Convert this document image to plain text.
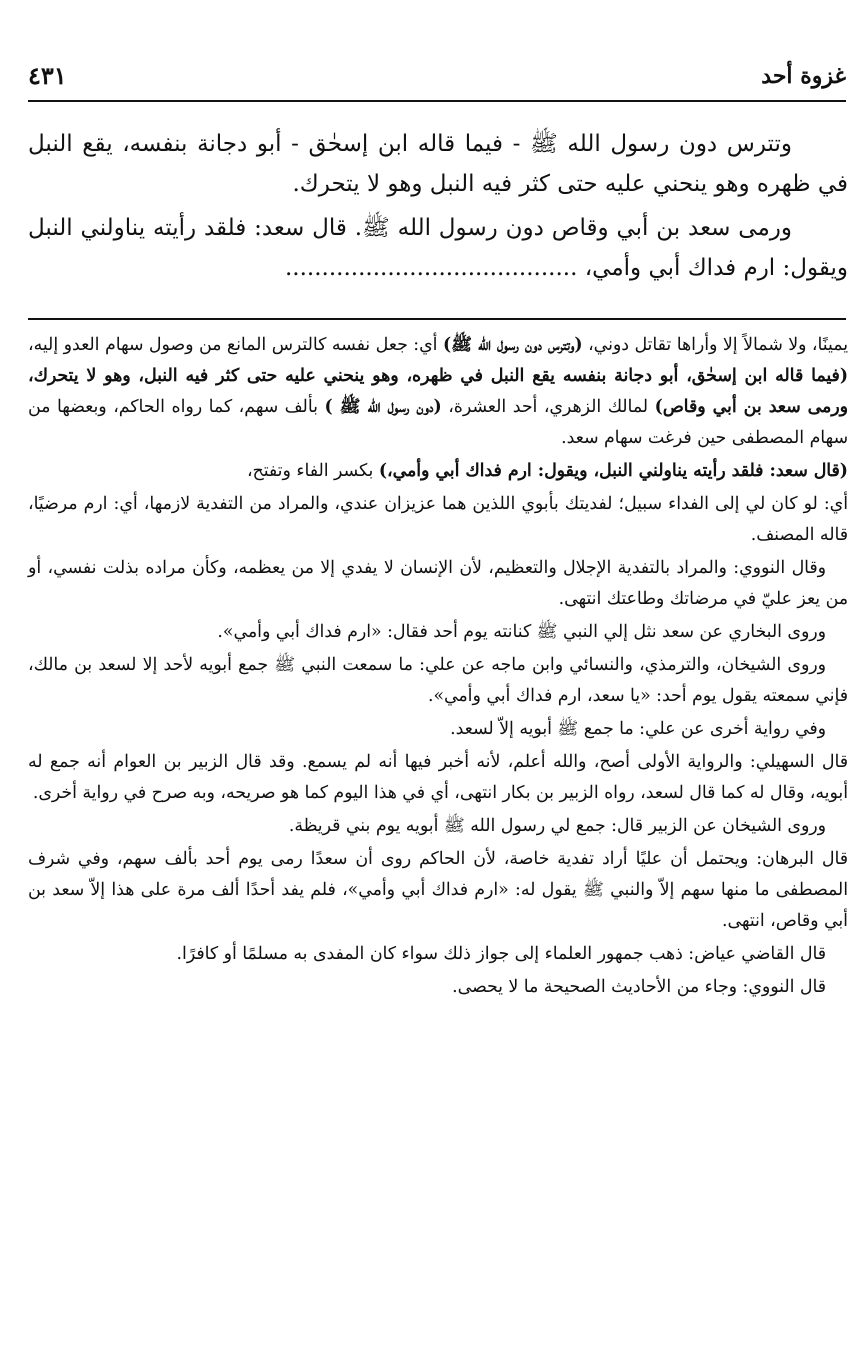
غزوة أحد
٤٣١

وتترس دون رسول الله ﷺ - فيما قاله ابن إسحٰق - أبو دجانة بنفسه، يقع النبل في ظهره وهو ينحني عليه حتى كثر فيه النبل وهو لا يتحرك.

ورمى سعد بن أبي وقاص دون رسول الله ﷺ. قال سعد: فلقد رأيته يناولني النبل ويقول: ارم فداك أبي وأمي، ........................................

يمينًا، ولا شمالاً إلا وأراها تقاتل دوني، (وتترس دون رسول الله ﷺ) أي: جعل نفسه كالترس المانع من وصول سهام العدو إليه، (فيما قاله ابن إسحٰق، أبو دجانة بنفسه يقع النبل في ظهره، وهو ينحني عليه حتى كثر فيه النبل، وهو لا يتحرك، ورمى سعد بن أبي وقاص) لمالك الزهري، أحد العشرة، (دون رسول الله ﷺ ) بألف سهم، كما رواه الحاكم، وبعضها من سهام المصطفى حين فرغت سهام سعد.

(قال سعد: فلقد رأيته يناولني النبل، ويقول: ارم فداك أبي وأمي،) بكسر الفاء وتفتح،

أي: لو كان لي إلى الفداء سبيل؛ لفديتك بأبوي اللذين هما عزيزان عندي، والمراد من التفدية لازمها، أي: ارم مرضيًا، قاله المصنف.

وقال النووي: والمراد بالتفدية الإجلال والتعظيم، لأن الإنسان لا يفدي إلا من يعظمه، وكأن مراده بذلت نفسي، أو من يعز عليّ في مرضاتك وطاعتك انتهى.

وروى البخاري عن سعد نثل إلي النبي ﷺ كنانته يوم أحد فقال: «ارم فداك أبي وأمي».

وروى الشيخان، والترمذي، والنسائي وابن ماجه عن علي: ما سمعت النبي ﷺ جمع أبويه لأحد إلا لسعد بن مالك، فإني سمعته يقول يوم أحد: «يا سعد، ارم فداك أبي وأمي».

وفي رواية أخرى عن علي: ما جمع ﷺ أبويه إلاّ لسعد.

قال السهيلي: والرواية الأولى أصح، والله أعلم، لأنه أخبر فيها أنه لم يسمع. وقد قال الزبير بن العوام أنه جمع له أبويه، وقال له كما قال لسعد، رواه الزبير بن بكار انتهى، أي في هذا اليوم كما هو صريحه، وبه صرح في رواية أخرى.

وروى الشيخان عن الزبير قال: جمع لي رسول الله ﷺ أبويه يوم بني قريظة.

قال البرهان: ويحتمل أن عليًا أراد تفدية خاصة، لأن الحاكم روى أن سعدًا رمى يوم أحد بألف سهم، وفي شرف المصطفى ما منها سهم إلاّ والنبي ﷺ يقول له: «ارم فداك أبي وأمي»، فلم يفد أحدًا ألف مرة على هذا إلاّ سعد بن أبي وقاص، انتهى.

قال القاضي عياض: ذهب جمهور العلماء إلى جواز ذلك سواء كان المفدى به مسلمًا أو كافرًا.

قال النووي: وجاء من الأحاديث الصحيحة ما لا يحصى.
